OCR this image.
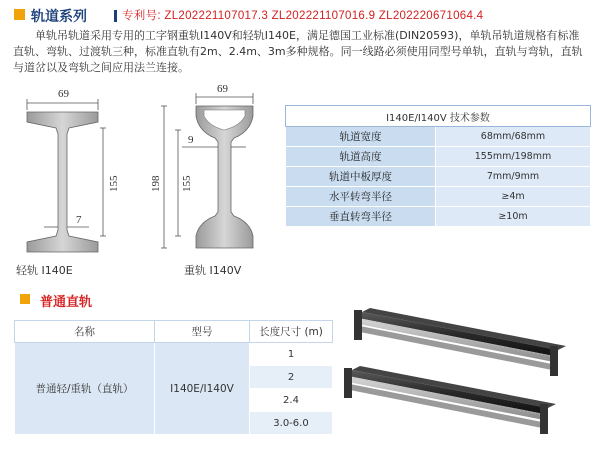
轨道系列	专利号: ZL202221107017.3 ZL202221107016.9 ZL202220671064.4

单轨吊轨道采用专用的工字钢重轨I140V和轻轨I140E，满足德国工业标准(DIN20593)，单轨吊轨道规格有标准直轨、弯轨、过渡轨三种，标准直轨有2m、2.4m、3m多种规格。同一线路必须使用同型号单轨，直轨与弯轨，直轨与道岔以及弯轨之间应用法兰连接。

69
155
7
69
198 155
9
轻轨 I140E	重轨 I140V
I140E/I140V 技术参数	
轨道宽度	68mm/68mm
轨道高度	155mm/198mm
轨道中板厚度	7mm/9mm
水平转弯半径	≥4m
垂直转弯半径	≥10m
普通直轨
名称	型号	长度尺寸 (m)
普通轻/重轨（直轨）	I140E/I140V	1
		2
		2.4
		3.0-6.0
